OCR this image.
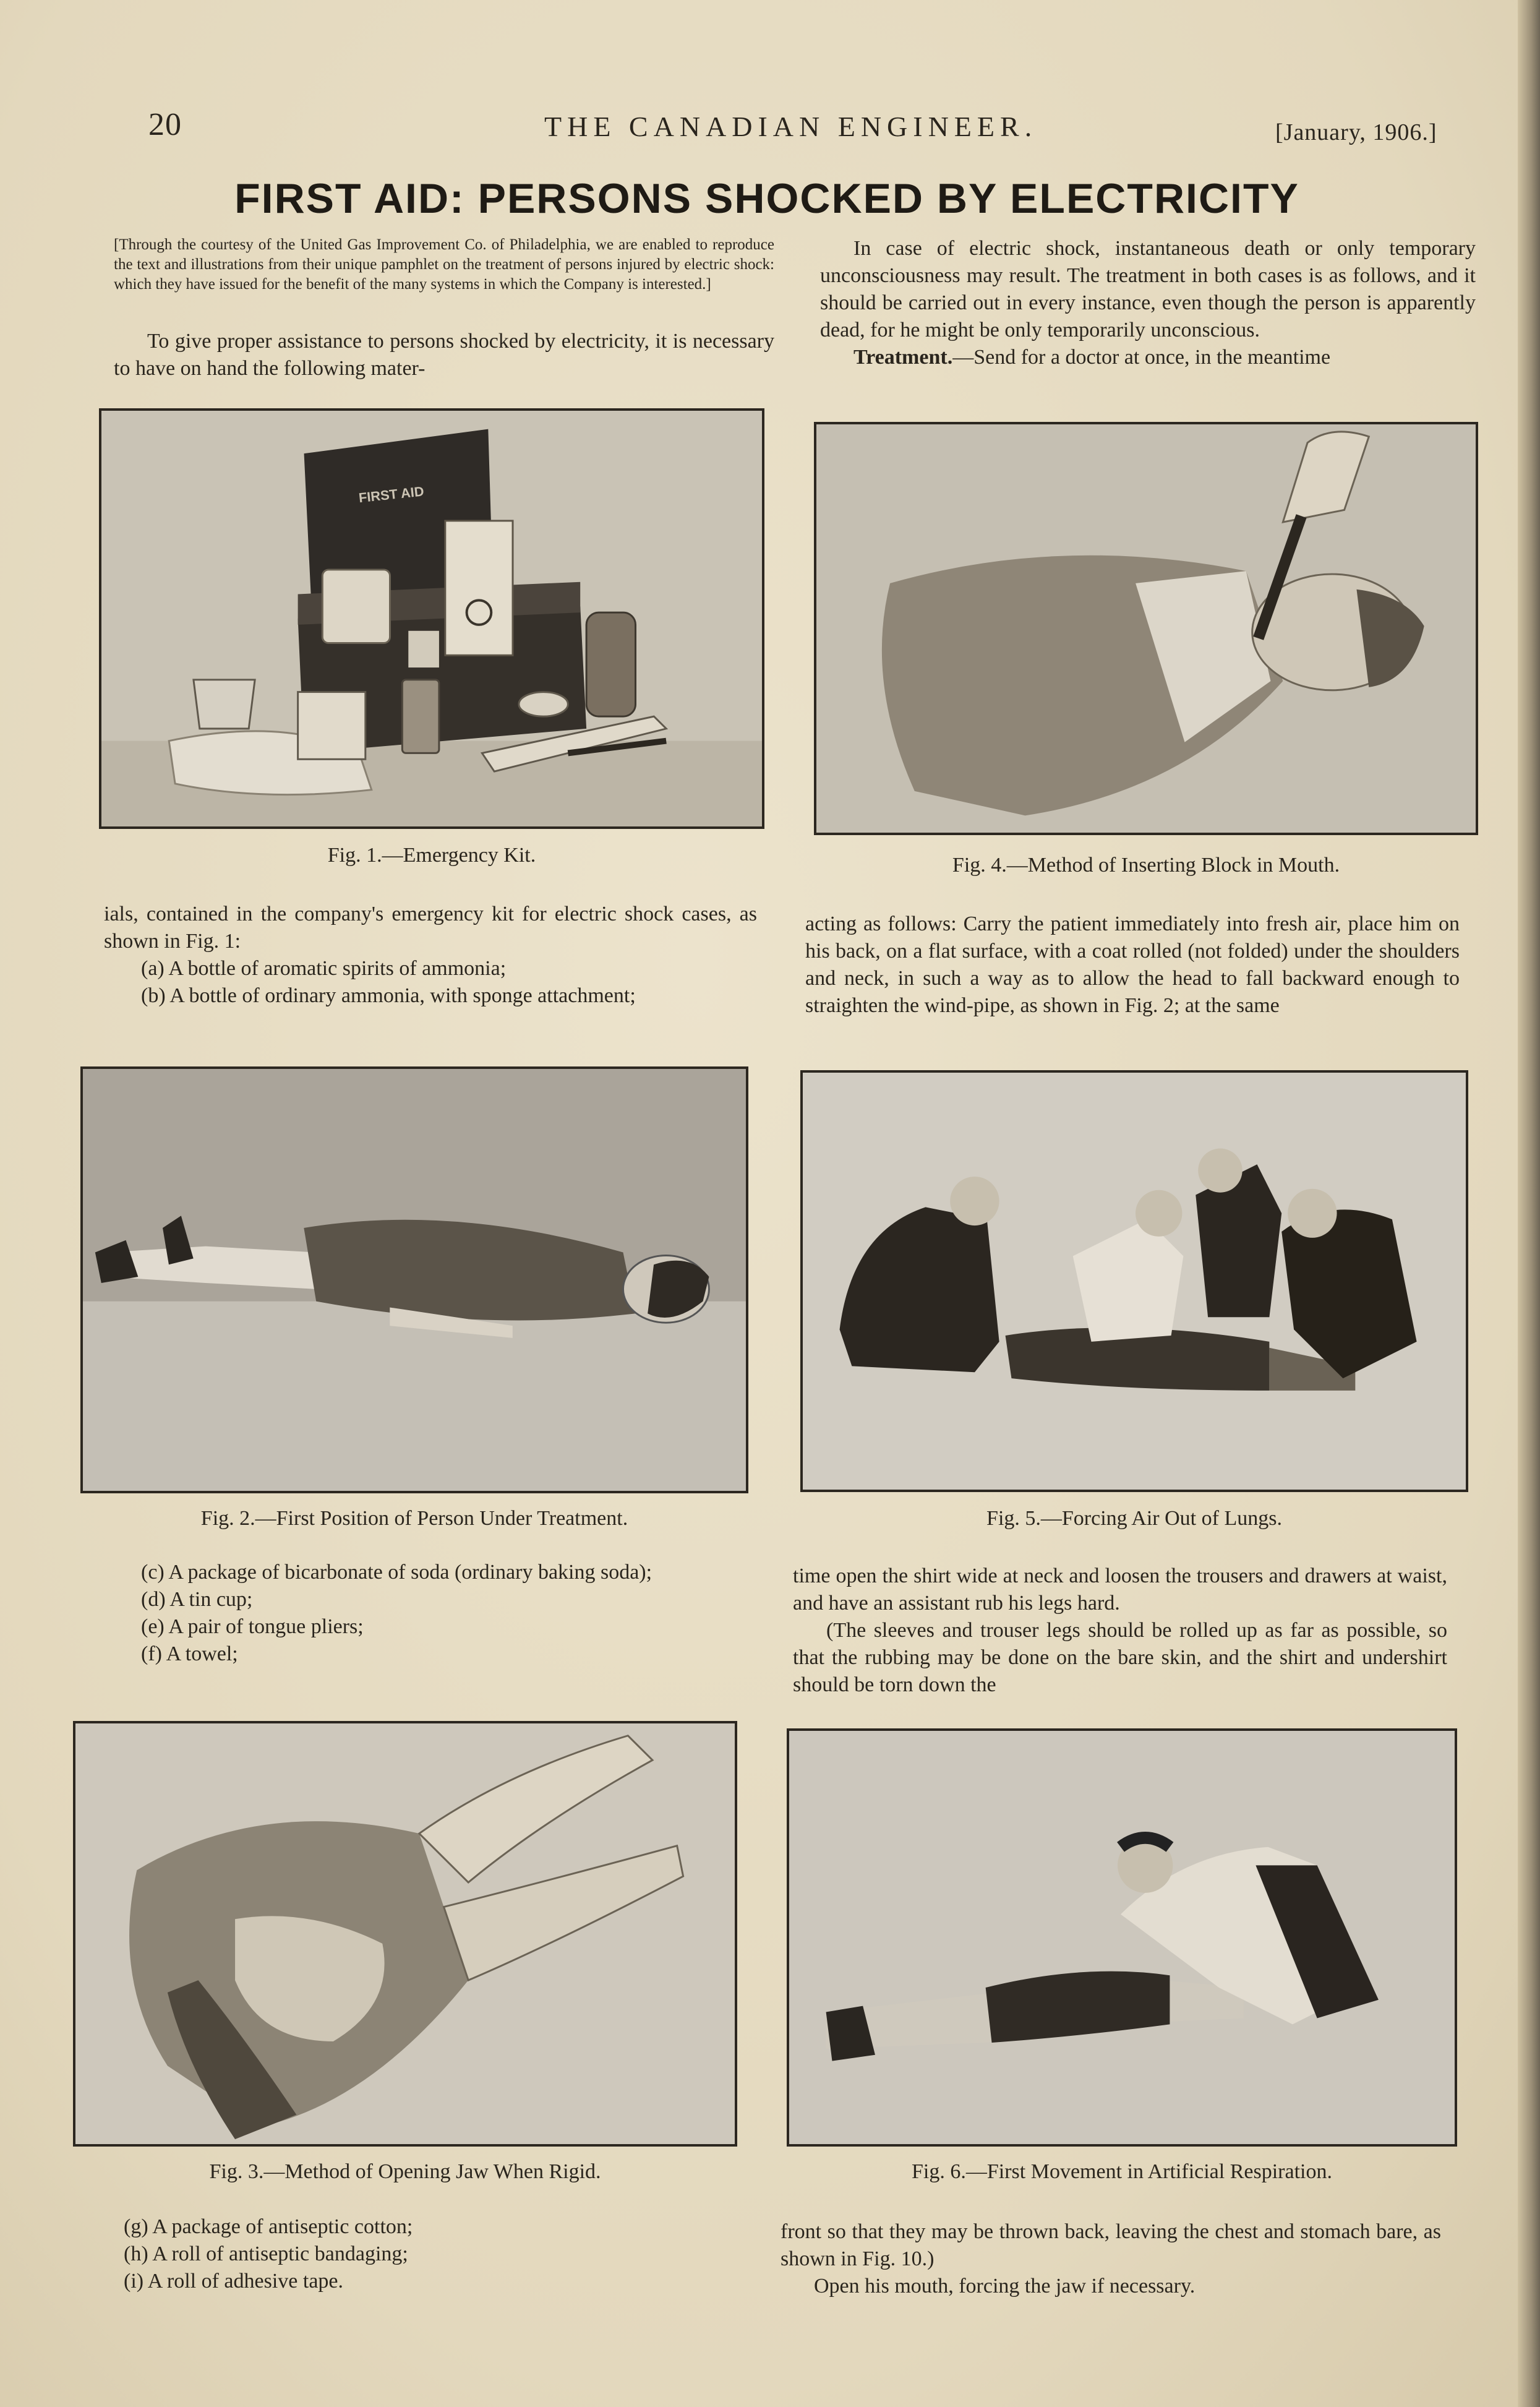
20	THE CANADIAN ENGINEER.	[January, 1906.]
FIRST AID: PERSONS SHOCKED BY ELECTRICITY
[Through the courtesy of the United Gas Improvement Co. of Philadelphia, we are enabled to reproduce the text and illustrations from their unique pamphlet on the treatment of persons injured by electric shock: which they have issued for the benefit of the many systems in which the Company is interested.]
To give proper assistance to persons shocked by electricity, it is necessary to have on hand the following mater-
In case of electric shock, instantaneous death or only temporary unconsciousness may result. The treatment in both cases is as follows, and it should be carried out in every instance, even though the person is apparently dead, for he might be only temporarily unconscious.
Treatment.—Send for a doctor at once, in the meantime
FIRST AID
Fig. 1.—Emergency Kit.	Fig. 4.—Method of Inserting Block in Mouth.
ials, contained in the company's emergency kit for electric shock cases, as shown in Fig. 1:
(a) A bottle of aromatic spirits of ammonia;
(b) A bottle of ordinary ammonia, with sponge attachment;
acting as follows: Carry the patient immediately into fresh air, place him on his back, on a flat surface, with a coat rolled (not folded) under the shoulders and neck, in such a way as to allow the head to fall backward enough to straighten the wind-pipe, as shown in Fig. 2; at the same
Fig. 2.—First Position of Person Under Treatment.	Fig. 5.—Forcing Air Out of Lungs.
(c) A package of bicarbonate of soda (ordinary baking soda);
(d) A tin cup;
(e) A pair of tongue pliers;
(f) A towel;
time open the shirt wide at neck and loosen the trousers and drawers at waist, and have an assistant rub his legs hard.
(The sleeves and trouser legs should be rolled up as far as possible, so that the rubbing may be done on the bare skin, and the shirt and undershirt should be torn down the
Fig. 3.—Method of Opening Jaw When Rigid.	Fig. 6.—First Movement in Artificial Respiration.
(g) A package of antiseptic cotton;
(h) A roll of antiseptic bandaging;
(i) A roll of adhesive tape.
front so that they may be thrown back, leaving the chest and stomach bare, as shown in Fig. 10.)
Open his mouth, forcing the jaw if necessary.
